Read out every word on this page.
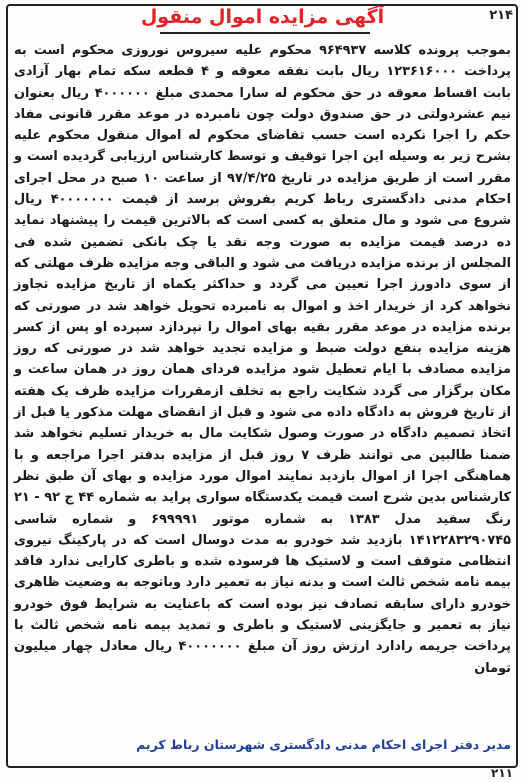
۲۱۴
آگهی مزایده اموال منقول

بموجب پرونده کلاسه ۹۶۴۹۳۷ محکوم علیه سیروس نوروزی محکوم است به پرداخت ۱۲۳۶۱۶۰۰۰ ریال بابت نفقه معوقه و ۴ قطعه سکه تمام بهار آزادی بابت اقساط معوقه در حق محکوم له سارا محمدی مبلغ ۴۰۰۰۰۰۰ ریال بعنوان نیم عشردولتی در حق صندوق دولت چون نامبرده در موعد مقرر قانونی مفاد حکم را اجرا نکرده است حسب تقاضای محکوم له اموال منقول محکوم علیه بشرح زیر به وسیله این اجرا توقیف و توسط کارشناس ارزیابی گردیده است و مقرر است از طریق مزایده در تاریخ ۹۷/۴/۲۵ از ساعت ۱۰ صبح در محل اجرای احکام مدنی دادگستری رباط کریم بفروش برسد از قیمت ۴۰۰۰۰۰۰۰ ریال شروع می شود و مال متعلق به کسی است که بالاترین قیمت را پیشنهاد نماید ده درصد قیمت مزایده به صورت وجه نقد یا چک بانکی تضمین شده فی المجلس از برنده مزایده دریافت می شود و الباقی وجه مزایده ظرف مهلتی که از سوی دادورز اجرا تعیین می گردد و حداکثر یکماه از تاریخ مزایده تجاوز نخواهد کرد از خریدار اخذ و اموال به نامبرده تحویل خواهد شد در صورتی که برنده مزایده در موعد مقرر بقیه بهای اموال را نپردازد سپرده او پس از کسر هزینه مزایده بنفع دولت ضبط و مزایده تجدید خواهد شد در صورتی که روز مزایده مصادف با ایام تعطیل شود مزایده فردای همان روز در همان ساعت و مکان برگزار می گردد شکایت راجع به تخلف ازمقررات مزایده ظرف یک هفته از تاریخ فروش به دادگاه داده می شود و قبل از انقضای مهلت مذکور یا قبل از اتخاذ تصمیم دادگاه در صورت وصول شکایت مال به خریدار تسلیم نخواهد شد ضمنا طالبین می توانند ظرف ۷ روز قبل از مزایده بدفتر اجرا مراجعه و با هماهنگی اجرا از اموال بازدید نمایند اموال مورد مزایده و بهای آن طبق نظر کارشناس بدین شرح است قیمت یکدستگاه سواری پراید به شماره ۴۴ ج ۹۲ - ۲۱ رنگ سفید مدل ۱۳۸۳ به شماره موتور ۶۹۹۹۹۱ و شماره شاسی ۱۴۱۲۲۸۳۲۹۰۷۴۵ بازدید شد خودرو به مدت دوسال است که در پارکینگ نیروی انتظامی متوقف است و لاستیک ها فرسوده شده و باطری کارایی ندارد فاقد بیمه نامه شخص ثالث است و بدنه نیاز به تعمیر دارد وباتوجه به وضعیت ظاهری خودرو دارای سابقه تصادف نیز بوده است که باعنایت به شرایط فوق خودرو نیاز به تعمیر و جایگزینی لاستیک و باطری و تمدید بیمه نامه شخص ثالث با پرداخت جریمه رادارد ارزش روز آن مبلغ ۴۰۰۰۰۰۰۰ ریال معادل چهار میلیون تومان

مدیر دفتر اجرای احکام مدنی دادگستری شهرستان رباط کریم
۲۱۱
